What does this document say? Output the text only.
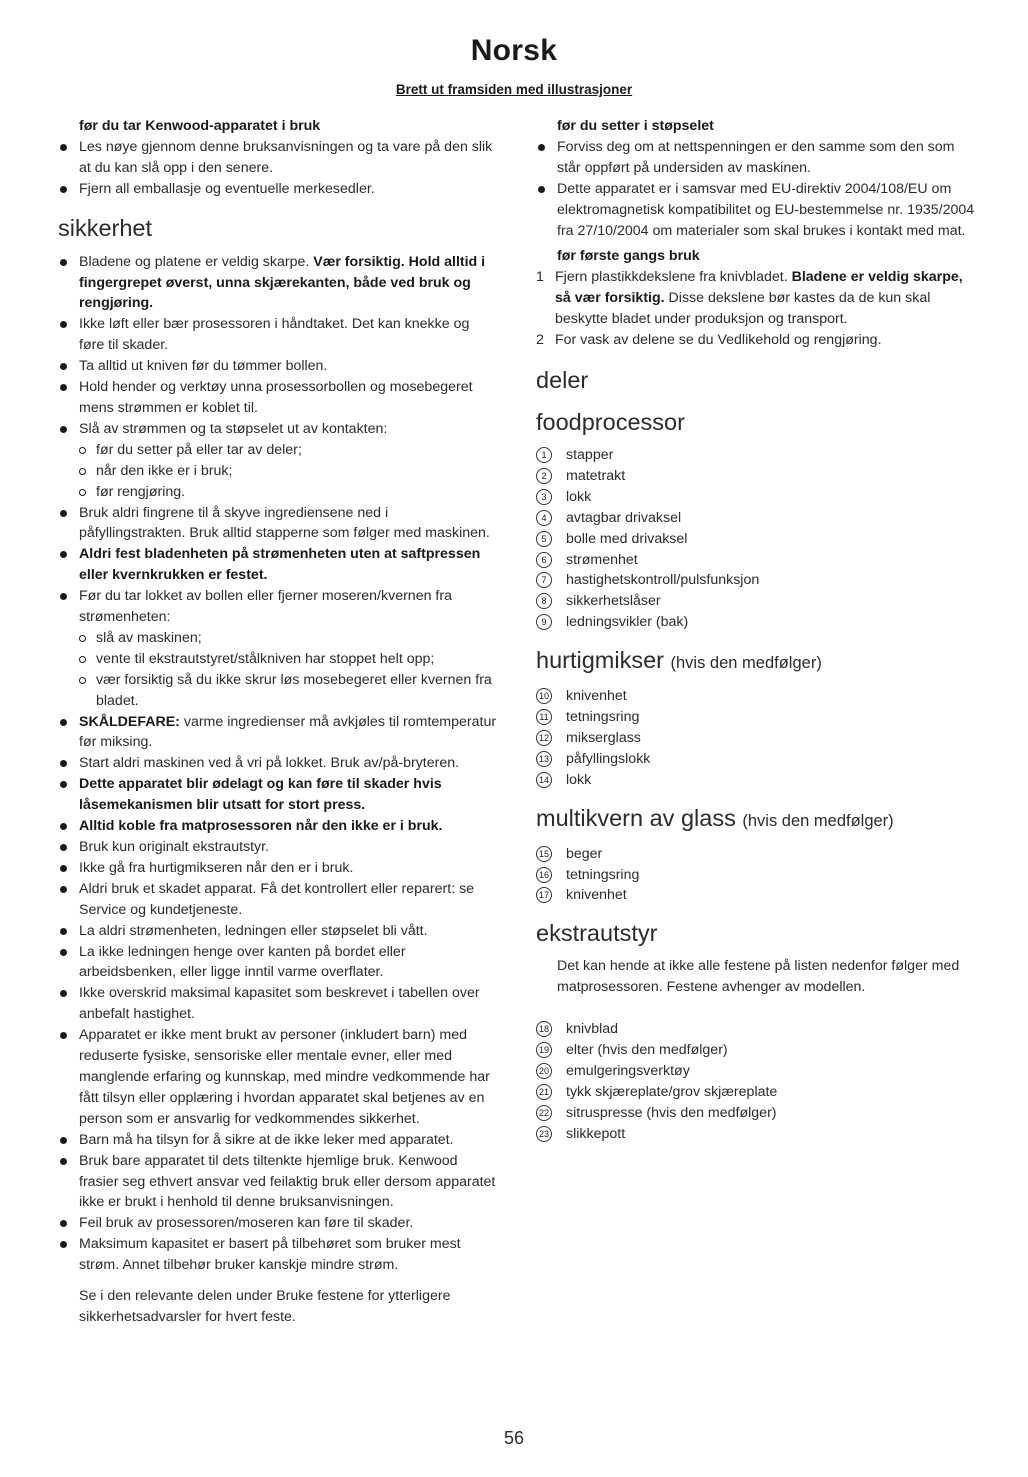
Norsk
Brett ut framsiden med illustrasjoner
før du tar Kenwood-apparatet i bruk
Les nøye gjennom denne bruksanvisningen og ta vare på den slik at du kan slå opp i den senere.
Fjern all emballasje og eventuelle merkesedler.
sikkerhet
Bladene og platene er veldig skarpe. Vær forsiktig. Hold alltid i fingergrepet øverst, unna skjærekanten, både ved bruk og rengjøring.
Ikke løft eller bær prosessoren i håndtaket. Det kan knekke og føre til skader.
Ta alltid ut kniven før du tømmer bollen.
Hold hender og verktøy unna prosessorbollen og mosebegeret mens strømmen er koblet til.
Slå av strømmen og ta støpselet ut av kontakten:
før du setter på eller tar av deler;
når den ikke er i bruk;
før rengjøring.
Bruk aldri fingrene til å skyve ingrediensene ned i påfyllingstrakten. Bruk alltid stapperne som følger med maskinen.
Aldri fest bladenheten på strømenheten uten at saftpressen eller kvernkrukken er festet.
Før du tar lokket av bollen eller fjerner moseren/kvernen fra strømenheten:
slå av maskinen;
vente til ekstrautstyret/stålkniven har stoppet helt opp;
vær forsiktig så du ikke skrur løs mosebegeret eller kvernen fra bladet.
SKÅLDEFARE: varme ingredienser må avkjøles til romtemperatur før miksing.
Start aldri maskinen ved å vri på lokket. Bruk av/på-bryteren.
Dette apparatet blir ødelagt og kan føre til skader hvis låsemekanismen blir utsatt for stort press.
Alltid koble fra matprosessoren når den ikke er i bruk.
Bruk kun originalt ekstrautstyr.
Ikke gå fra hurtigmikseren når den er i bruk.
Aldri bruk et skadet apparat. Få det kontrollert eller reparert: se Service og kundetjeneste.
La aldri strømenheten, ledningen eller støpselet bli vått.
La ikke ledningen henge over kanten på bordet eller arbeidsbenken, eller ligge inntil varme overflater.
Ikke overskrid maksimal kapasitet som beskrevet i tabellen over anbefalt hastighet.
Apparatet er ikke ment brukt av personer (inkludert barn) med reduserte fysiske, sensoriske eller mentale evner, eller med manglende erfaring og kunnskap, med mindre vedkommende har fått tilsyn eller opplæring i hvordan apparatet skal betjenes av en person som er ansvarlig for vedkommendes sikkerhet.
Barn må ha tilsyn for å sikre at de ikke leker med apparatet.
Bruk bare apparatet til dets tiltenkte hjemlige bruk. Kenwood frasier seg ethvert ansvar ved feilaktig bruk eller dersom apparatet ikke er brukt i henhold til denne bruksanvisningen.
Feil bruk av prosessoren/moseren kan føre til skader.
Maksimum kapasitet er basert på tilbehøret som bruker mest strøm. Annet tilbehør bruker kanskje mindre strøm.
Se i den relevante delen under Bruke festene for ytterligere sikkerhetsadvarsler for hvert feste.
før du setter i støpselet
Forviss deg om at nettspenningen er den samme som den som står oppført på undersiden av maskinen.
Dette apparatet er i samsvar med EU-direktiv 2004/108/EU om elektromagnetisk kompatibilitet og EU-bestemmelse nr. 1935/2004 fra 27/10/2004 om materialer som skal brukes i kontakt med mat.
før første gangs bruk
1 Fjern plastikkdekslene fra knivbladet. Bladene er veldig skarpe, så vær forsiktig. Disse dekslene bør kastes da de kun skal beskytte bladet under produksjon og transport.
2 For vask av delene se du Vedlikehold og rengjøring.
deler
foodprocessor
1	stapper
2	matetrakt
3	lokk
4	avtagbar drivaksel
5	bolle med drivaksel
6	strømenhet
7	hastighetskontroll/pulsfunksjon
8	sikkerhetslåser
9	ledningsvikler (bak)
hurtigmikser (hvis den medfølger)
10 knivenhet
11 tetningsring
12 mikserglass
13 påfyllingslokk
14 lokk
multikvern av glass (hvis den medfølger)
15 beger
16 tetningsring
17 knivenhet
ekstrautstyr
Det kan hende at ikke alle festene på listen nedenfor følger med matprosessoren. Festene avhenger av modellen.
18 knivblad
19 elter (hvis den medfølger)
20 emulgeringsverktøy
21 tykk skjæreplate/grov skjæreplate
22 sitruspresse (hvis den medfølger)
23 slikkepott
56
